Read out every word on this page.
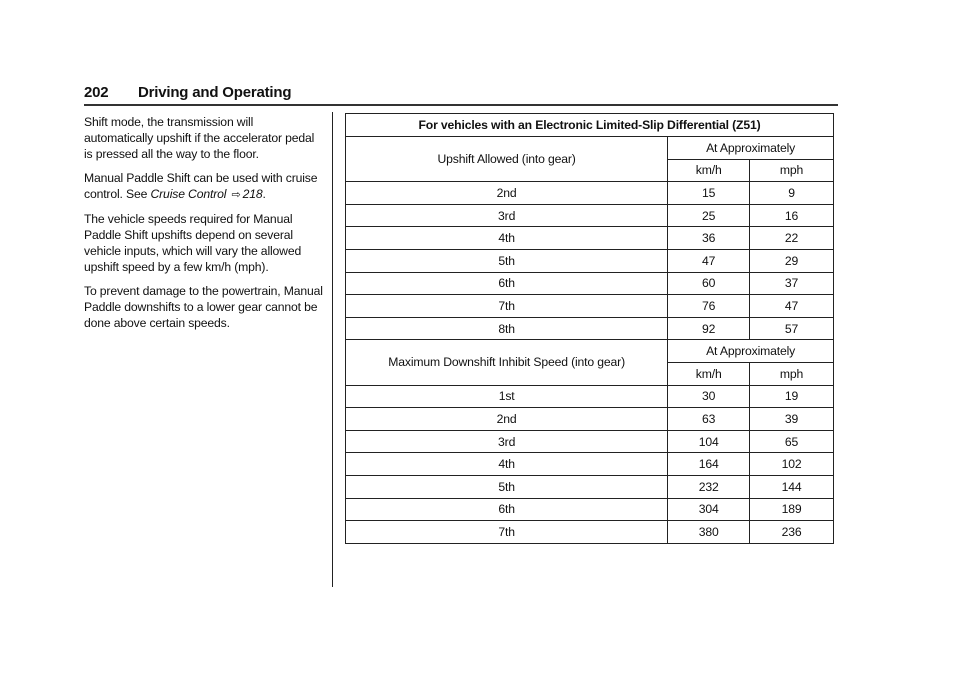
202 Driving and Operating

Shift mode, the transmission will automatically upshift if the accelerator pedal is pressed all the way to the floor.

Manual Paddle Shift can be used with cruise control. See Cruise Control ⇨ 218.

The vehicle speeds required for Manual Paddle Shift upshifts depend on several vehicle inputs, which will vary the allowed upshift speed by a few km/h (mph).

To prevent damage to the powertrain, Manual Paddle downshifts to a lower gear cannot be done above certain speeds.

For vehicles with an Electronic Limited-Slip Differential (Z51)		
Upshift Allowed (into gear)	At Approximately	
	km/h	mph
2nd	15	9
3rd	25	16
4th	36	22
5th	47	29
6th	60	37
7th	76	47
8th	92	57
Maximum Downshift Inhibit Speed (into gear)	At Approximately	
	km/h	mph
1st	30	19
2nd	63	39
3rd	104	65
4th	164	102
5th	232	144
6th	304	189
7th	380	236
